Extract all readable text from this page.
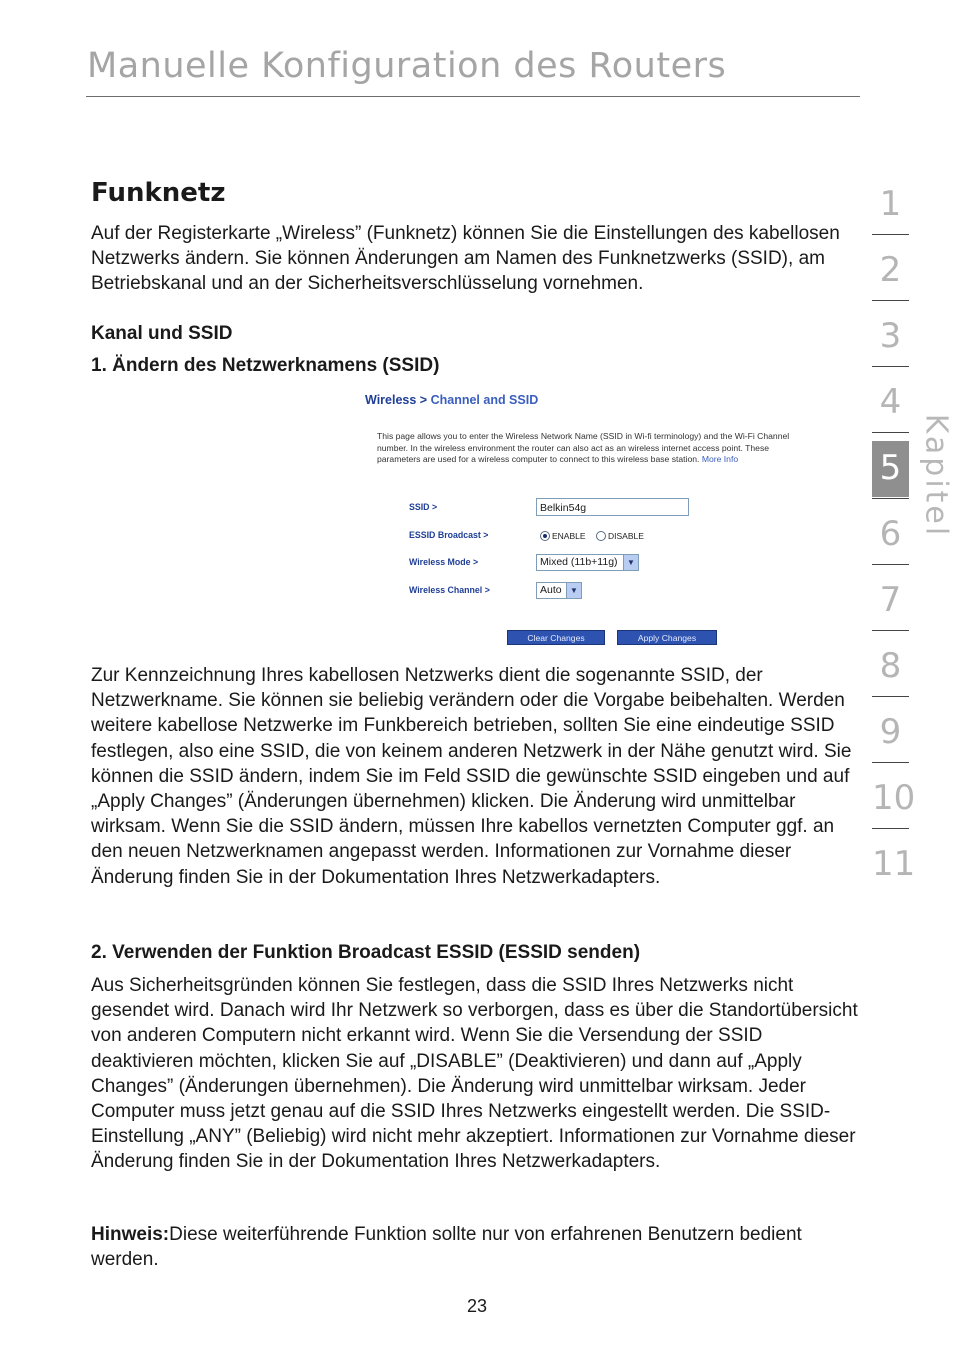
Manuelle Konfiguration des Routers
Funknetz

Auf der Registerkarte „Wireless” (Funknetz) können Sie die Einstellungen des kabellosen Netzwerks ändern. Sie können Änderungen am Namen des Funknetzwerks (SSID), am Betriebskanal und an der Sicherheitsverschlüsselung vornehmen.

Kanal und SSID
1. Ändern des Netzwerknamens (SSID)
Wireless > Channel and SSID
This page allows you to enter the Wireless Network Name (SSID in Wi-fi terminology) and the Wi-Fi Channel number. In the wireless environment the router can also act as an wireless internet access point. These parameters are used for a wireless computer to connect to this wireless base station. More Info
SSID >	Belkin54g
ESSID Broadcast >	ENABLE	DISABLE
Wireless Mode >	Mixed (11b+11g)	▼
Wireless Channel >	Auto	▼
Clear Changes	Apply Changes

Zur Kennzeichnung Ihres kabellosen Netzwerks dient die sogenannte SSID, der Netzwerkname. Sie können sie beliebig verändern oder die Vorgabe beibehalten. Werden weitere kabellose Netzwerke im Funkbereich betrieben, sollten Sie eine eindeutige SSID festlegen, also eine SSID, die von keinem anderen Netzwerk in der Nähe genutzt wird. Sie können die SSID ändern, indem Sie im Feld SSID die gewünschte SSID eingeben und auf „Apply Changes” (Änderungen übernehmen) klicken. Die Änderung wird unmittelbar wirksam. Wenn Sie die SSID ändern, müssen Ihre kabellos vernetzten Computer ggf. an den neuen Netzwerknamen angepasst werden. Informationen zur Vornahme dieser Änderung finden Sie in der Dokumentation Ihres Netzwerkadapters.

2. Verwenden der Funktion Broadcast ESSID (ESSID senden)

Aus Sicherheitsgründen können Sie festlegen, dass die SSID Ihres Netzwerks nicht gesendet wird. Danach wird Ihr Netzwerk so verborgen, dass es über die Standortübersicht von anderen Computern nicht erkannt wird. Wenn Sie die Versendung der SSID deaktivieren möchten, klicken Sie auf „DISABLE” (Deaktivieren) und dann auf „Apply Changes” (Änderungen übernehmen). Die Änderung wird unmittelbar wirksam. Jeder Computer muss jetzt genau auf die SSID Ihres Netzwerks eingestellt werden. Die SSID-Einstellung „ANY” (Beliebig) wird nicht mehr akzeptiert. Informationen zur Vornahme dieser Änderung finden Sie in der Dokumentation Ihres Netzwerkadapters.

Hinweis:Diese weiterführende Funktion sollte nur von erfahrenen Benutzern bedient werden.

1
2
3
4
5
6
7
8
9
10
11
Kapitel
23
